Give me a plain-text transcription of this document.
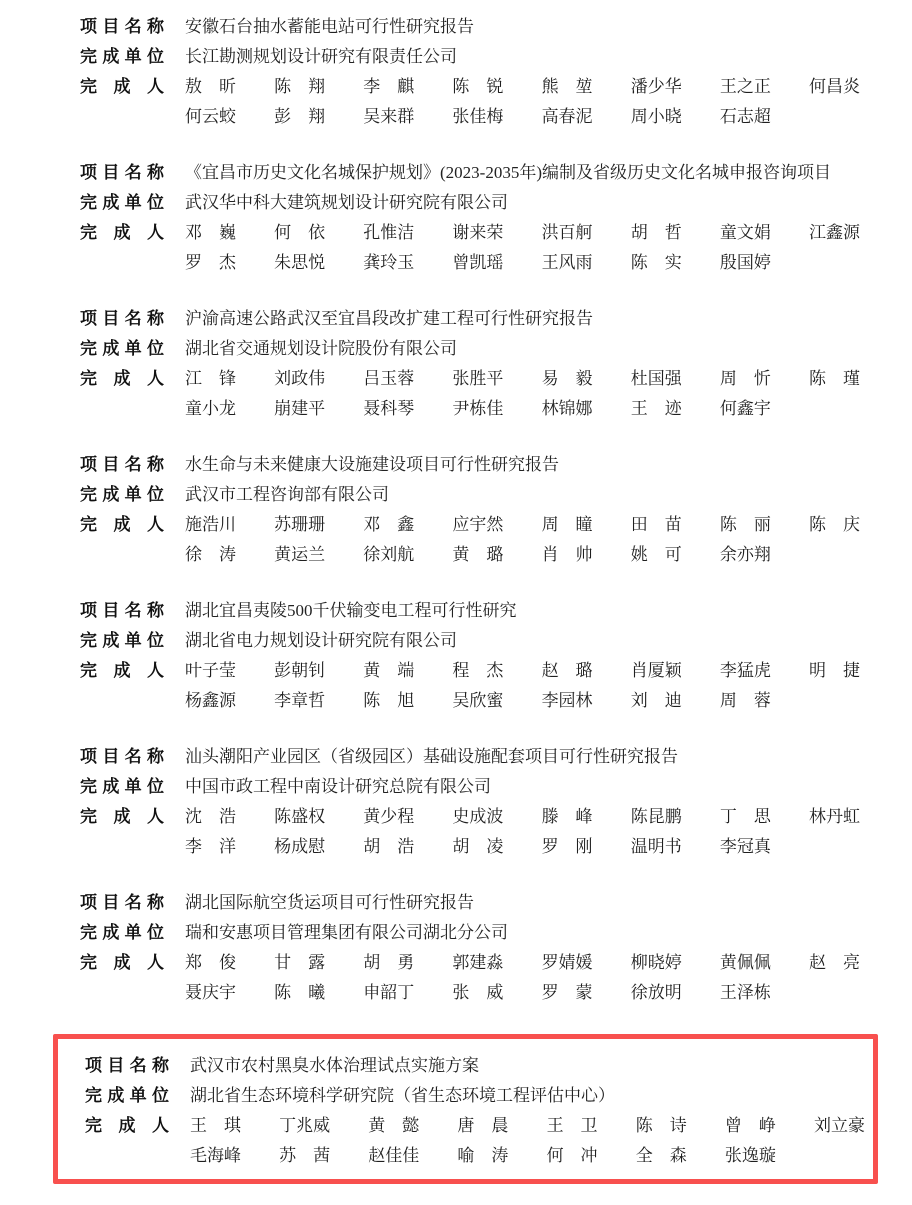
项目名称 安徽石台抽水蓄能电站可行性研究报告
完成单位 长江勘测规划设计研究有限责任公司
完成人 敖昕 陈翔 李麒 陈锐 熊堃 潘少华 王之正 何昌炎
何云蛟 彭翔 吴来群 张佳梅 高春泥 周小晓 石志超
项目名称 《宜昌市历史文化名城保护规划》(2023-2035年)编制及省级历史文化名城申报咨询项目
完成单位 武汉华中科大建筑规划设计研究院有限公司
完成人 邓巍 何依 孔惟洁 谢来荣 洪百舸 胡哲 童文娟 江鑫源
罗杰 朱思悦 龚玲玉 曾凯瑶 王风雨 陈实 殷国婷
项目名称 沪渝高速公路武汉至宜昌段改扩建工程可行性研究报告
完成单位 湖北省交通规划设计院股份有限公司
完成人 江锋 刘政伟 吕玉蓉 张胜平 易毅 杜国强 周忻 陈瑾
童小龙 崩建平 聂科琴 尹栋佳 林锦娜 王迹 何鑫宇
项目名称 水生命与未来健康大设施建设项目可行性研究报告
完成单位 武汉市工程咨询部有限公司
完成人 施浩川 苏珊珊 邓鑫 应宇然 周瞳 田苗 陈丽 陈庆
徐涛 黄运兰 徐刘航 黄璐 肖帅 姚可 余亦翔
项目名称 湖北宜昌夷陵500千伏输变电工程可行性研究
完成单位 湖北省电力规划设计研究院有限公司
完成人 叶子莹 彭朝钊 黄端 程杰 赵璐 肖厦颖 李猛虎 明捷
杨鑫源 李章哲 陈旭 吴欣蜜 李园林 刘迪 周蓉
项目名称 汕头潮阳产业园区（省级园区）基础设施配套项目可行性研究报告
完成单位 中国市政工程中南设计研究总院有限公司
完成人 沈浩 陈盛权 黄少程 史成波 滕峰 陈昆鹏 丁思 林丹虹
李洋 杨成慰 胡浩 胡凌 罗刚 温明书 李冠真
项目名称 湖北国际航空货运项目可行性研究报告
完成单位 瑞和安惠项目管理集团有限公司湖北分公司
完成人 郑俊 甘露 胡勇 郭建淼 罗婧媛 柳晓婷 黄佩佩 赵亮
聂庆宇 陈曦 申韶丁 张威 罗蒙 徐放明 王泽栋
项目名称 武汉市农村黑臭水体治理试点实施方案
完成单位 湖北省生态环境科学研究院（省生态环境工程评估中心）
完成人 王琪 丁兆威 黄懿 唐晨 王卫 陈诗 曾峥 刘立豪
毛海峰 苏茜 赵佳佳 喻涛 何冲 全森 张逸璇
